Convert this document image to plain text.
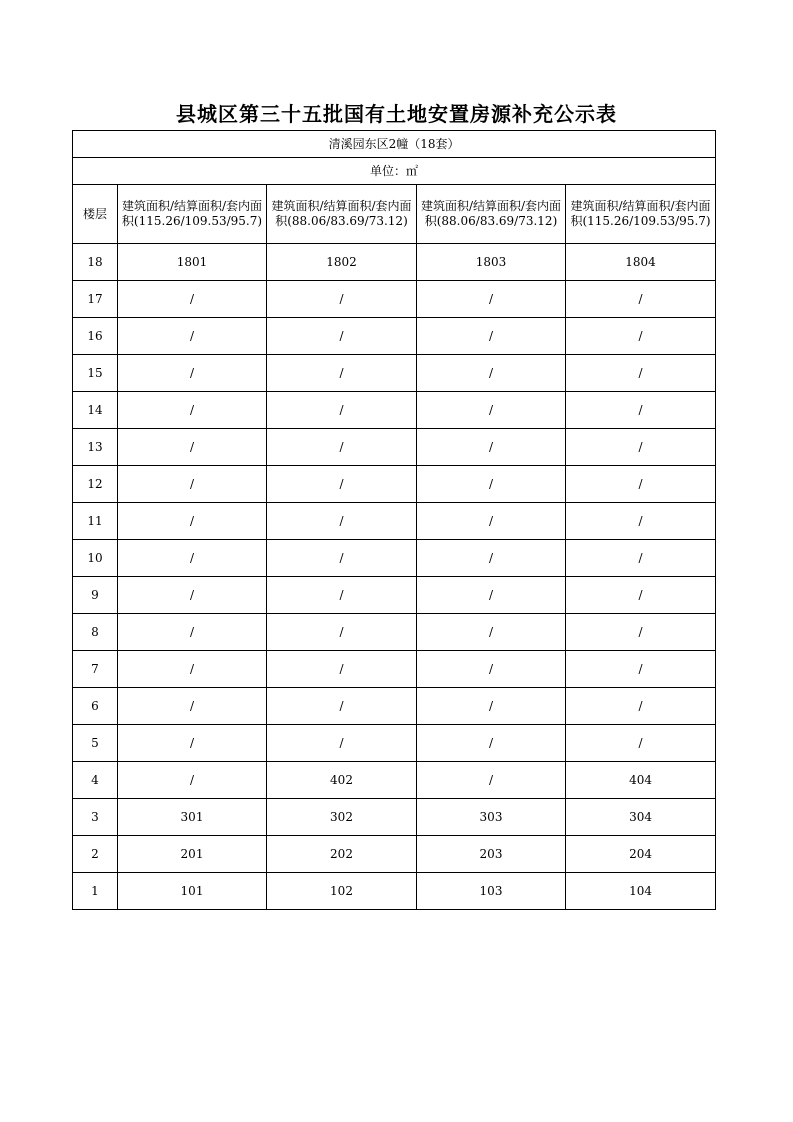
县城区第三十五批国有土地安置房源补充公示表
清溪园东区2幢（18套）				
单位：㎡				
楼层	建筑面积/结算面积/套内面积(115.26/109.53/95.7)	建筑面积/结算面积/套内面积(88.06/83.69/73.12)	建筑面积/结算面积/套内面积(88.06/83.69/73.12)	建筑面积/结算面积/套内面积(115.26/109.53/95.7)
18	1801	1802	1803	1804
17	/	/	/	/
16	/	/	/	/
15	/	/	/	/
14	/	/	/	/
13	/	/	/	/
12	/	/	/	/
11	/	/	/	/
10	/	/	/	/
9	/	/	/	/
8	/	/	/	/
7	/	/	/	/
6	/	/	/	/
5	/	/	/	/
4	/	402	/	404
3	301	302	303	304
2	201	202	203	204
1	101	102	103	104
